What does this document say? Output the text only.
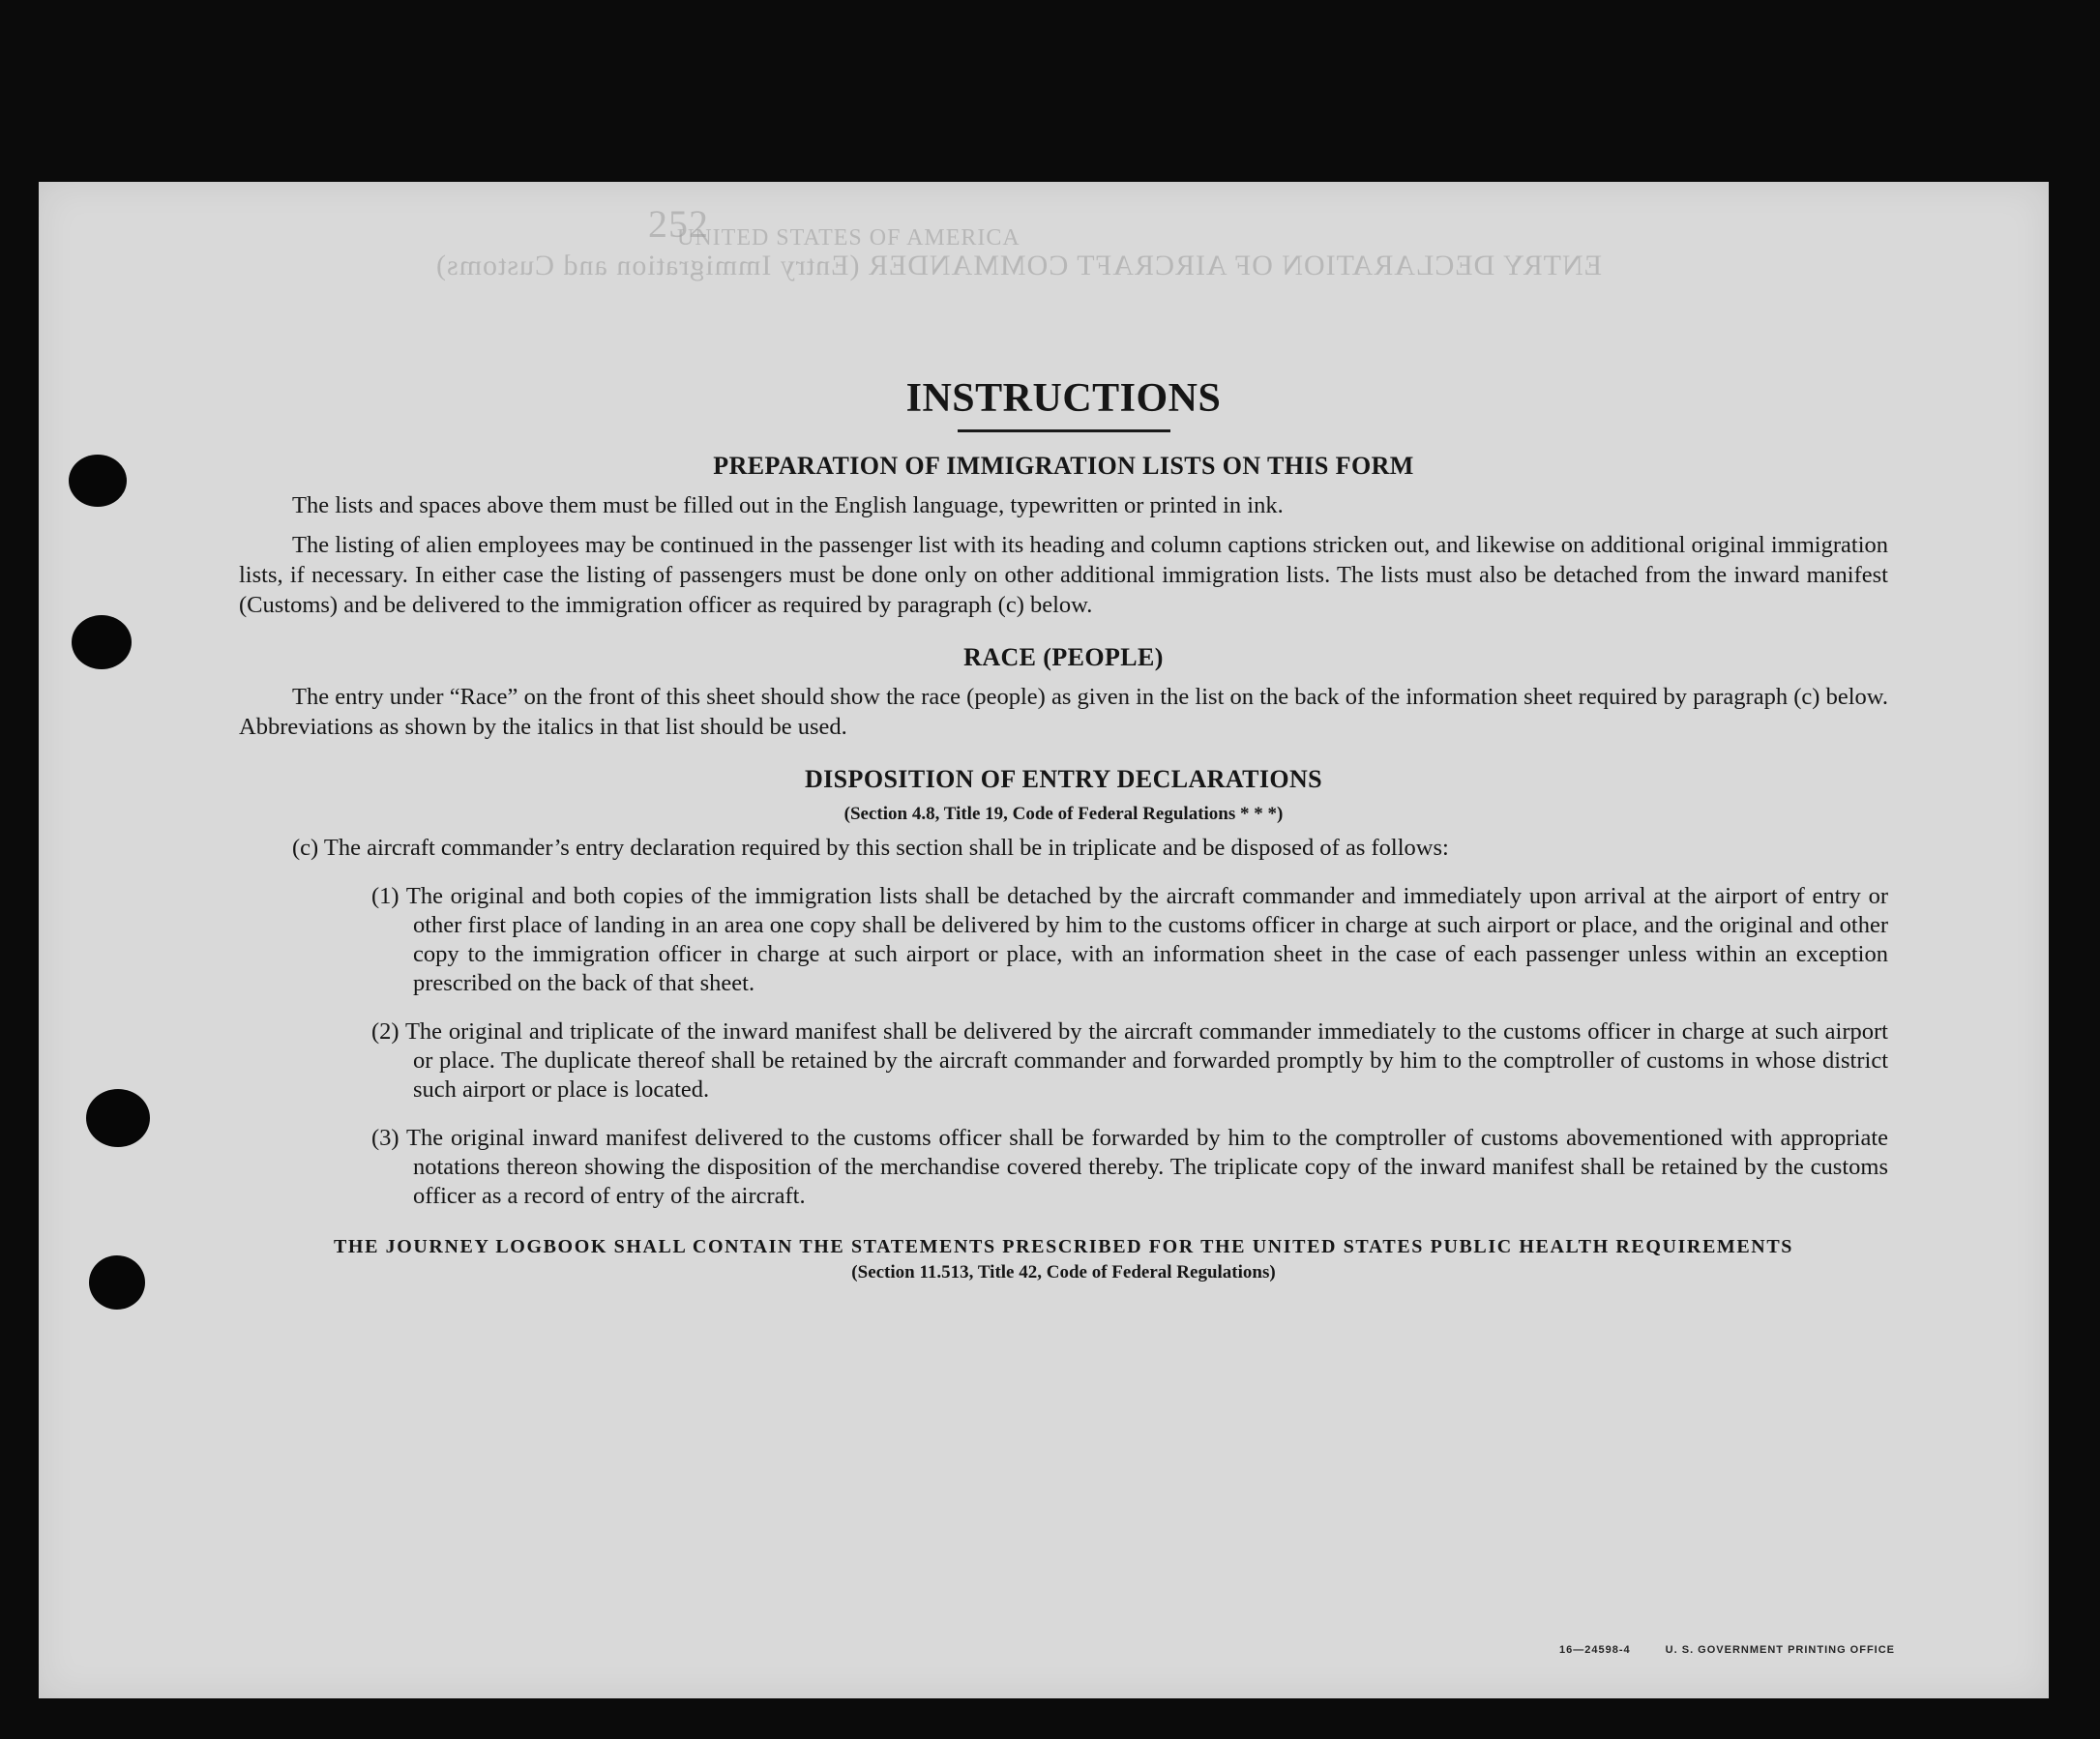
252
UNITED STATES OF AMERICA
ENTRY DECLARATION OF AIRCRAFT COMMANDER (Entry Immigration and Customs)
INSTRUCTIONS
PREPARATION OF IMMIGRATION LISTS ON THIS FORM

The lists and spaces above them must be filled out in the English language, typewritten or printed in ink.

The listing of alien employees may be continued in the passenger list with its heading and column captions stricken out, and likewise on additional original immigration lists, if necessary. In either case the listing of passengers must be done only on other additional immigration lists. The lists must also be detached from the inward manifest (Customs) and be delivered to the immigration officer as required by paragraph (c) below.

RACE (PEOPLE)

The entry under “Race” on the front of this sheet should show the race (people) as given in the list on the back of the information sheet required by paragraph (c) below. Abbreviations as shown by the italics in that list should be used.

DISPOSITION OF ENTRY DECLARATIONS
(Section 4.8, Title 19, Code of Federal Regulations * * *)

(c) The aircraft commander’s entry declaration required by this section shall be in triplicate and be disposed of as follows:

(1) The original and both copies of the immigration lists shall be detached by the aircraft commander and immediately upon arrival at the airport of entry or other first place of landing in an area one copy shall be delivered by him to the customs officer in charge at such airport or place, and the original and other copy to the immigration officer in charge at such airport or place, with an information sheet in the case of each passenger unless within an exception prescribed on the back of that sheet.

(2) The original and triplicate of the inward manifest shall be delivered by the aircraft commander immediately to the customs officer in charge at such airport or place. The duplicate thereof shall be retained by the aircraft commander and forwarded promptly by him to the comptroller of customs in whose district such airport or place is located.

(3) The original inward manifest delivered to the customs officer shall be forwarded by him to the comptroller of customs abovementioned with appropriate notations thereon showing the disposition of the merchandise covered thereby. The triplicate copy of the inward manifest shall be retained by the customs officer as a record of entry of the aircraft.

THE JOURNEY LOGBOOK SHALL CONTAIN THE STATEMENTS PRESCRIBED FOR THE UNITED STATES PUBLIC HEALTH REQUIREMENTS
(Section 11.513, Title 42, Code of Federal Regulations)
16—24598-4	U. S. GOVERNMENT PRINTING OFFICE
